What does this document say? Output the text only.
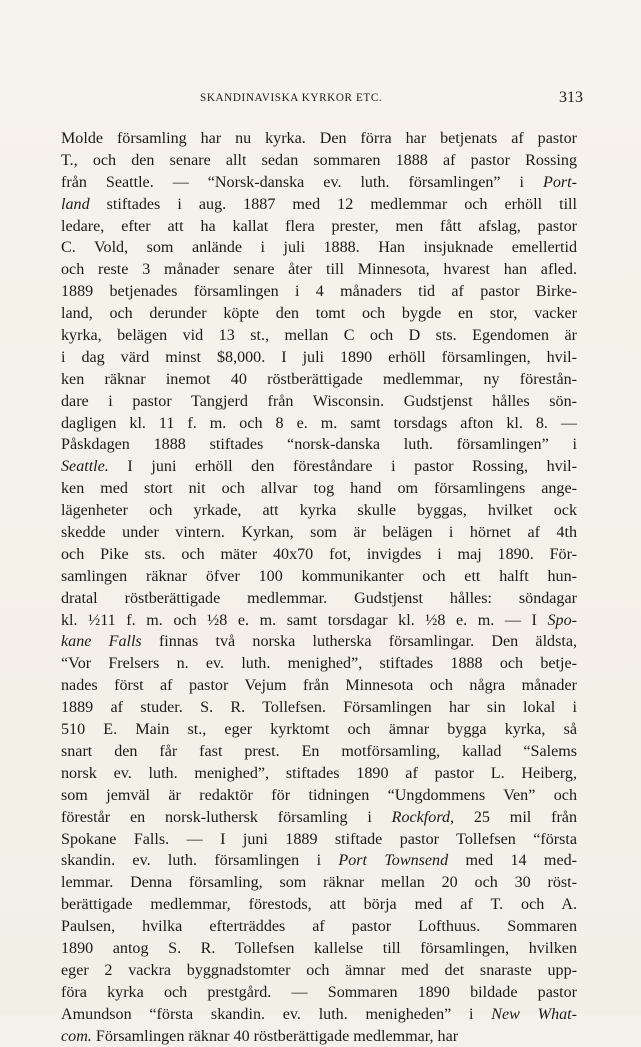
SKANDINAVISKA KYRKOR ETC.	313
Molde församling har nu kyrka. Den förra har betjenats af pastor
T., och den senare allt sedan sommaren 1888 af pastor Rossing
från Seattle. — “Norsk-danska ev. luth. församlingen” i Port-
land stiftades i aug. 1887 med 12 medlemmar och erhöll till
ledare, efter att ha kallat flera prester, men fått afslag, pastor
C. Vold, som anlände i juli 1888. Han insjuknade emellertid
och reste 3 månader senare åter till Minnesota, hvarest han afled.
1889 betjenades församlingen i 4 månaders tid af pastor Birke-
land, och derunder köpte den tomt och bygde en stor, vacker
kyrka, belägen vid 13 st., mellan C och D sts. Egendomen är
i dag värd minst $8,000. I juli 1890 erhöll församlingen, hvil-
ken räknar inemot 40 röstberättigade medlemmar, ny förestån-
dare i pastor Tangjerd från Wisconsin. Gudstjenst hålles sön-
dagligen kl. 11 f. m. och 8 e. m. samt torsdags afton kl. 8. —
Påskdagen 1888 stiftades “norsk-danska luth. församlingen” i
Seattle. I juni erhöll den föreståndare i pastor Rossing, hvil-
ken med stort nit och allvar tog hand om församlingens ange-
lägenheter och yrkade, att kyrka skulle byggas, hvilket ock
skedde under vintern. Kyrkan, som är belägen i hörnet af 4th
och Pike sts. och mäter 40x70 fot, invigdes i maj 1890. För-
samlingen räknar öfver 100 kommunikanter och ett halft hun-
dratal röstberättigade medlemmar. Gudstjenst hålles: söndagar
kl. ½11 f. m. och ½8 e. m. samt torsdagar kl. ½8 e. m. — I Spo-
kane Falls finnas två norska lutherska församlingar. Den äldsta,
“Vor Frelsers n. ev. luth. menighed”, stiftades 1888 och betje-
nades först af pastor Vejum från Minnesota och några månader
1889 af studer. S. R. Tollefsen. Församlingen har sin lokal i
510 E. Main st., eger kyrktomt och ämnar bygga kyrka, så
snart den får fast prest. En motförsamling, kallad “Salems
norsk ev. luth. menighed”, stiftades 1890 af pastor L. Heiberg,
som jemväl är redaktör för tidningen “Ungdommens Ven” och
förestår en norsk-luthersk församling i Rockford, 25 mil från
Spokane Falls. — I juni 1889 stiftade pastor Tollefsen “första
skandin. ev. luth. församlingen i Port Townsend med 14 med-
lemmar. Denna församling, som räknar mellan 20 och 30 röst-
berättigade medlemmar, förestods, att börja med af T. och A.
Paulsen, hvilka efterträddes af pastor Lofthuus. Sommaren
1890 antog S. R. Tollefsen kallelse till församlingen, hvilken
eger 2 vackra byggnadstomter och ämnar med det snaraste upp-
föra kyrka och prestgård. — Sommaren 1890 bildade pastor
Amundson “första skandin. ev. luth. menigheden” i New What-
com. Församlingen räknar 40 röstberättigade medlemmar, har
